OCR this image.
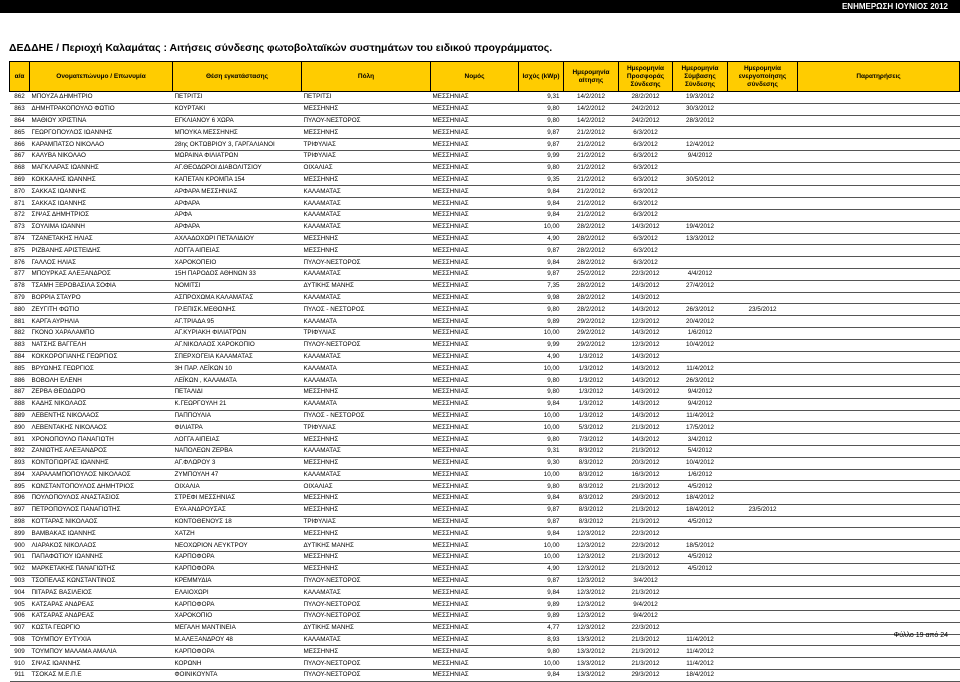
ΕΝΗΜΕΡΩΣΗ ΙΟΥΝΙΟΣ 2012
ΔΕΔΔΗΕ / Περιοχή Καλαμάτας : Αιτήσεις σύνδεσης φωτοβολταϊκών συστημάτων του ειδικού προγράμματος.
α/α	Ονοματεπώνυμο / Επωνυμία	Θέση εγκατάστασης	Πόλη	Νομός	Ισχύς (kWp)	Ημερομηνία αίτησης	Ημερομηνία Προσφοράς Σύνδεσης	Ημερομηνία Σύμβασης Σύνδεσης	Ημερομηνία ενεργοποίησης σύνδεσης	Παρατηρήσεις
862	ΜΠΟΥΖΑ ΔΗΜΗΤΡΙΟ	ΠΕΤΡΙΤΣΙ	ΠΕΤΡΙΤΣΙ	ΜΕΣΣΗΝΙΑΣ	9,31	14/2/2012	28/2/2012	19/3/2012		
863	ΔΗΜΗΤΡΑΚΟΠΟΥΛΟ ΦΩΤΙΟ	ΚΟΥΡΤΑΚΙ	ΜΕΣΣΗΝΗΣ	ΜΕΣΣΗΝΙΑΣ	9,80	14/2/2012	24/2/2012	30/3/2012		
864	ΜΑΘΙΟΥ ΧΡΙΣΤΙΝΑ	ΕΓΚΛΙΑΝΟΥ 6 ΧΩΡΑ	ΠΥΛΟΥ-ΝΕΣΤΟΡΟΣ	ΜΕΣΣΗΝΙΑΣ	9,80	14/2/2012	24/2/2012	28/3/2012		
865	ΓΕΩΡΓΟΠΟΥΛΟΣ ΙΩΑΝΝΗΣ	ΜΠΟΥΚΑ ΜΕΣΣΗΝΗΣ	ΜΕΣΣΗΝΗΣ	ΜΕΣΣΗΝΙΑΣ	9,87	21/2/2012	6/3/2012			
866	ΚΑΡΑΜΠΑΤΣΟ ΝΙΚΟΛΑΟ	28ης ΟΚΤΩΒΡΙΟΥ 3, ΓΑΡΓΑΛΙΑΝΟΙ	ΤΡΙΦΥΛΙΑΣ	ΜΕΣΣΗΝΙΑΣ	9,87	21/2/2012	6/3/2012	12/4/2012		
867	ΚΑΛΥΒΑ ΝΙΚΟΛΑΟ	ΜΩΡΑΙΝΑ ΦΙΛΙΑΤΡΩΝ	ΤΡΙΦΥΛΙΑΣ	ΜΕΣΣΗΝΙΑΣ	9,99	21/2/2012	6/3/2012	9/4/2012		
868	ΜΑΓΚΛΑΡΑΣ ΙΩΑΝΝΗΣ	ΑΓ.ΘΕΟΔΩΡΟΙ ΔΙΑΒΟΛΙΤΣΙΟΥ	ΟΙΧΑΛΙΑΣ	ΜΕΣΣΗΝΙΑΣ	9,80	21/2/2012	6/3/2012			
869	ΚΟΚΚΑΛΗΣ ΙΩΑΝΝΗΣ	ΚΑΠΕΤΑΝ ΚΡΟΜΠΑ 154	ΜΕΣΣΗΝΗΣ	ΜΕΣΣΗΝΙΑΣ	9,35	21/2/2012	6/3/2012	30/5/2012		
870	ΣΑΚΚΑΣ ΙΩΑΝΝΗΣ	ΑΡΦΑΡΑ ΜΕΣΣΗΝΙΑΣ	ΚΑΛΑΜΑΤΑΣ	ΜΕΣΣΗΝΙΑΣ	9,84	21/2/2012	6/3/2012			
871	ΣΑΚΚΑΣ ΙΩΑΝΝΗΣ	ΑΡΦΑΡΑ	ΚΑΛΑΜΑΤΑΣ	ΜΕΣΣΗΝΙΑΣ	9,84	21/2/2012	6/3/2012			
872	ΣΙΨΑΣ ΔΗΜΗΤΡΙΟΣ	ΑΡΦΑ	ΚΑΛΑΜΑΤΑΣ	ΜΕΣΣΗΝΙΑΣ	9,84	21/2/2012	6/3/2012			
873	ΣΟΥΛΙΜΑ ΙΩΑΝΝΗ	ΑΡΦΑΡΑ	ΚΑΛΑΜΑΤΑΣ	ΜΕΣΣΗΝΙΑΣ	10,00	28/2/2012	14/3/2012	19/4/2012		
874	ΤΖΑΝΕΤΑΚΗΣ ΗΛΙΑΣ	ΑΧΛΑΔΟΧΩΡΙ ΠΕΤΑΛΙΔΙΟΥ	ΜΕΣΣΗΝΗΣ	ΜΕΣΣΗΝΙΑΣ	4,90	28/2/2012	6/3/2012	13/3/2012		
875	ΡΙΖΒΑΝΗΣ ΑΡΙΣΤΕΙΔΗΣ	ΛΟΓΓΑ ΑΙΠΕΙΑΣ	ΜΕΣΣΗΝΗΣ	ΜΕΣΣΗΝΙΑΣ	9,87	28/2/2012	6/3/2012			
876	ΓΑΛΛΟΣ ΗΛΙΑΣ	ΧΑΡΟΚΟΠΕΙΟ	ΠΥΛΟΥ-ΝΕΣΤΟΡΟΣ	ΜΕΣΣΗΝΙΑΣ	9,84	28/2/2012	6/3/2012			
877	ΜΠΟΥΡΚΑΣ ΑΛΕΞΑΝΔΡΟΣ	15Η ΠΑΡΟΔΟΣ ΑΘΗΝΩΝ 33	ΚΑΛΑΜΑΤΑΣ	ΜΕΣΣΗΝΙΑΣ	9,87	25/2/2012	22/3/2012	4/4/2012		
878	ΤΣΑΜΗ ΞΕΡΟΒΑΣΙΛΑ ΣΟΦΙΑ	ΝΟΜΙΤΣΙ	ΔΥΤΙΚΗΣ ΜΑΝΗΣ	ΜΕΣΣΗΝΙΑΣ	7,35	28/2/2012	14/3/2012	27/4/2012		
879	ΒΟΡΡΙΑ ΣΤΑΥΡΟ	ΑΣΠΡΟΧΩΜΑ ΚΑΛΑΜΑΤΑΣ	ΚΑΛΑΜΑΤΑΣ	ΜΕΣΣΗΝΙΑΣ	9,98	28/2/2012	14/3/2012			
880	ΖΕΥΓΙΤΗ ΦΩΤΙΟ	ΓΡ.ΕΠΙΣΚ.ΜΕΘΩΝΗΣ	ΠΥΛΟΣ - ΝΕΣΤΟΡΟΣ	ΜΕΣΣΗΝΙΑΣ	9,80	28/2/2012	14/3/2012	26/3/2012	23/5/2012	
881	ΚΑΡΓΑ ΑΥΡΗΛΙΑ	ΑΓ.ΤΡΙΑΔΑ 95	ΚΑΛΑΜΑΤΑ	ΜΕΣΣΗΝΙΑΣ	9,89	29/2/2012	12/3/2012	20/4/2012		
882	ΓΚΟΝΟ ΧΑΡΑΛΑΜΠΟ	ΑΓ.ΚΥΡΙΑΚΗ ΦΙΛΙΑΤΡΩΝ	ΤΡΙΦΥΛΙΑΣ	ΜΕΣΣΗΝΙΑΣ	10,00	29/2/2012	14/3/2012	1/6/2012		
883	ΝΑΤΣΗΣ ΒΑΓΓΕΛΗ	ΑΓ.ΝΙΚΟΛΑΟΣ ΧΑΡΟΚΟΠΙΟ	ΠΥΛΟΥ-ΝΕΣΤΟΡΟΣ	ΜΕΣΣΗΝΙΑΣ	9,99	29/2/2012	12/3/2012	10/4/2012		
884	ΚΟΚΚΟΡΟΓΙΑΝΗΣ ΓΕΩΡΓΙΟΣ	ΣΠΕΡΧΟΓΕΙΑ ΚΑΛΑΜΑΤΑΣ	ΚΑΛΑΜΑΤΑΣ	ΜΕΣΣΗΝΙΑΣ	4,90	1/3/2012	14/3/2012			
885	ΒΡΥΩΝΗΣ ΓΕΩΡΓΙΟΣ	3Η ΠΑΡ. ΛΕΪΚΩΝ 10	ΚΑΛΑΜΑΤΑ	ΜΕΣΣΗΝΙΑΣ	10,00	1/3/2012	14/3/2012	11/4/2012		
886	ΒΟΒΟΛΗ ΕΛΕΝΗ	ΛΕΪΚΩΝ , ΚΑΛΑΜΑΤΑ	ΚΑΛΑΜΑΤΑ	ΜΕΣΣΗΝΙΑΣ	9,80	1/3/2012	14/3/2012	26/3/2012		
887	ΖΕΡΒΑ ΘΕΟΔΩΡΟ	ΠΕΤΑΛΙΔΙ	ΜΕΣΣΗΝΗΣ	ΜΕΣΣΗΝΙΑΣ	9,80	1/3/2012	14/3/2012	9/4/2012		
888	ΚΑΔΗΣ ΝΙΚΟΛΑΟΣ	Κ.ΓΕΩΡΓΟΥΛΗ 21	ΚΑΛΑΜΑΤΑ	ΜΕΣΣΗΝΙΑΣ	9,84	1/3/2012	14/3/2012	9/4/2012		
889	ΛΕΒΕΝΤΗΣ ΝΙΚΟΛΑΟΣ	ΠΑΠΠΟΥΛΙΑ	ΠΥΛΟΣ - ΝΕΣΤΟΡΟΣ	ΜΕΣΣΗΝΙΑΣ	10,00	1/3/2012	14/3/2012	11/4/2012		
890	ΛΕΒΕΝΤΑΚΗΣ ΝΙΚΟΛΑΟΣ	ΦΙΛΙΑΤΡΑ	ΤΡΙΦΥΛΙΑΣ	ΜΕΣΣΗΝΙΑΣ	10,00	5/3/2012	21/3/2012	17/5/2012		
891	ΧΡΟΝΟΠΟΥΛΟ ΠΑΝΑΓΙΩΤΗ	ΛΟΓΓΑ ΑΙΠΕΙΑΣ	ΜΕΣΣΗΝΗΣ	ΜΕΣΣΗΝΙΑΣ	9,80	7/3/2012	14/3/2012	3/4/2012		
892	ΖΑΝΙΩΤΗΣ ΑΛΕΞΑΝΔΡΟΣ	ΝΑΠΟΛΕΩΝ ΖΕΡΒΑ	ΚΑΛΑΜΑΤΑΣ	ΜΕΣΣΗΝΙΑΣ	9,31	8/3/2012	21/3/2012	5/4/2012		
893	ΚΟΝΤΟΓΙΩΡΓΑΣ ΙΩΑΝΝΗΣ	ΑΓ.ΦΛΩΡΟΥ 3	ΜΕΣΣΗΝΗΣ	ΜΕΣΣΗΝΙΑΣ	9,30	8/3/2012	20/3/2012	10/4/2012		
894	ΧΑΡΑΛΑΜΠΟΠΟΥΛΟΣ ΝΙΚΟΛΑΟΣ	ΖΥΜΠΟΥΛΗ 47	ΚΑΛΑΜΑΤΑΣ	ΜΕΣΣΗΝΙΑΣ	10,00	8/3/2012	16/3/2012	1/6/2012		
895	ΚΩΝΣΤΑΝΤΟΠΟΥΛΟΣ ΔΗΜΗΤΡΙΟΣ	ΟΙΧΑΛΙΑ	ΟΙΧΑΛΙΑΣ	ΜΕΣΣΗΝΙΑΣ	9,80	8/3/2012	21/3/2012	4/5/2012		
896	ΠΟΥΛΟΠΟΥΛΟΣ ΑΝΑΣΤΑΣΙΟΣ	ΣΤΡΕΦΙ ΜΕΣΣΗΝΙΑΣ	ΜΕΣΣΗΝΗΣ	ΜΕΣΣΗΝΙΑΣ	9,84	8/3/2012	29/3/2012	18/4/2012		
897	ΠΕΤΡΟΠΟΥΛΟΣ ΠΑΝΑΓΙΩΤΗΣ	ΕΥΑ ΑΝΔΡΟΥΣΑΣ	ΜΕΣΣΗΝΗΣ	ΜΕΣΣΗΝΙΑΣ	9,87	8/3/2012	21/3/2012	18/4/2012	23/5/2012	
898	ΚΟΤΤΑΡΑΣ ΝΙΚΟΛΑΟΣ	ΚΟΝΤΟΘΕΝΟΥΣ 18	ΤΡΙΦΥΛΙΑΣ	ΜΕΣΣΗΝΙΑΣ	9,87	8/3/2012	21/3/2012	4/5/2012		
899	ΒΑΜΒΑΚΑΣ ΙΩΑΝΝΗΣ	ΧΑΤΖΗ	ΜΕΣΣΗΝΗΣ	ΜΕΣΣΗΝΙΑΣ	9,84	12/3/2012	22/3/2012			
900	ΛΙΑΡΑΚΟΣ ΝΙΚΟΛΑΟΣ	ΝΕΟΧΩΡΙΟΝ ΛΕΥΚΤΡΟΥ	ΔΥΤΙΚΗΣ ΜΑΝΗΣ	ΜΕΣΣΗΝΙΑΣ	10,00	12/3/2012	22/3/2012	18/5/2012		
901	ΠΑΠΑΦΩΤΙΟΥ ΙΩΑΝΝΗΣ	ΚΑΡΠΟΦΟΡΑ	ΜΕΣΣΗΝΗΣ	ΜΕΣΣΗΝΙΑΣ	10,00	12/3/2012	21/3/2012	4/5/2012		
902	ΜΑΡΚΕΤΑΚΗΣ ΠΑΝΑΓΙΩΤΗΣ	ΚΑΡΠΟΦΟΡΑ	ΜΕΣΣΗΝΗΣ	ΜΕΣΣΗΝΙΑΣ	4,90	12/3/2012	21/3/2012	4/5/2012		
903	ΤΣΟΠΕΛΑΣ ΚΩΝΣΤΑΝΤΙΝΟΣ	ΚΡΕΜΜΥΔΙΑ	ΠΥΛΟΥ-ΝΕΣΤΟΡΟΣ	ΜΕΣΣΗΝΙΑΣ	9,87	12/3/2012	3/4/2012			
904	ΠΙΤΑΡΑΣ ΒΑΣΙΛΕΙΟΣ	ΕΛΑΙΟΧΩΡΙ	ΚΑΛΑΜΑΤΑΣ	ΜΕΣΣΗΝΙΑΣ	9,84	12/3/2012	21/3/2012			
905	ΚΑΤΣΑΡΑΣ ΑΝΔΡΕΑΣ	ΚΑΡΠΟΦΟΡΑ	ΠΥΛΟΥ-ΝΕΣΤΟΡΟΣ	ΜΕΣΣΗΝΙΑΣ	9,89	12/3/2012	9/4/2012			
906	ΚΑΤΣΑΡΑΣ ΑΝΔΡΕΑΣ	ΧΑΡΟΚΟΠΙΟ	ΠΥΛΟΥ-ΝΕΣΤΟΡΟΣ	ΜΕΣΣΗΝΙΑΣ	9,89	12/3/2012	9/4/2012			
907	ΚΩΣΤΑ ΓΕΩΡΓΙΟ	ΜΕΓΑΛΗ ΜΑΝΤΙΝΕΙΑ	ΔΥΤΙΚΗΣ ΜΑΝΗΣ	ΜΕΣΣΗΝΙΑΣ	4,77	12/3/2012	22/3/2012			
908	ΤΟΥΜΠΟΥ ΕΥΤΥΧΙΑ	Μ.ΑΛΕΞΑΝΔΡΟΥ 48	ΚΑΛΑΜΑΤΑΣ	ΜΕΣΣΗΝΙΑΣ	8,93	13/3/2012	21/3/2012	11/4/2012		
909	ΤΟΥΜΠΟΥ ΜΑΛΑΜΑ ΑΜΑΛΙΑ	ΚΑΡΠΟΦΟΡΑ	ΜΕΣΣΗΝΗΣ	ΜΕΣΣΗΝΙΑΣ	9,80	13/3/2012	21/3/2012	11/4/2012		
910	ΣΙΨΑΣ ΙΩΑΝΝΗΣ	ΚΟΡΩΝΗ	ΠΥΛΟΥ-ΝΕΣΤΟΡΟΣ	ΜΕΣΣΗΝΙΑΣ	10,00	13/3/2012	21/3/2012	11/4/2012		
911	ΤΣΟΚΑΣ Μ.Ε.Π.Ε	ΦΟΙΝΙΚΟΥΝΤΑ	ΠΥΛΟΥ-ΝΕΣΤΟΡΟΣ	ΜΕΣΣΗΝΙΑΣ	9,84	13/3/2012	29/3/2012	18/4/2012		
Φύλλο 19 από 24
